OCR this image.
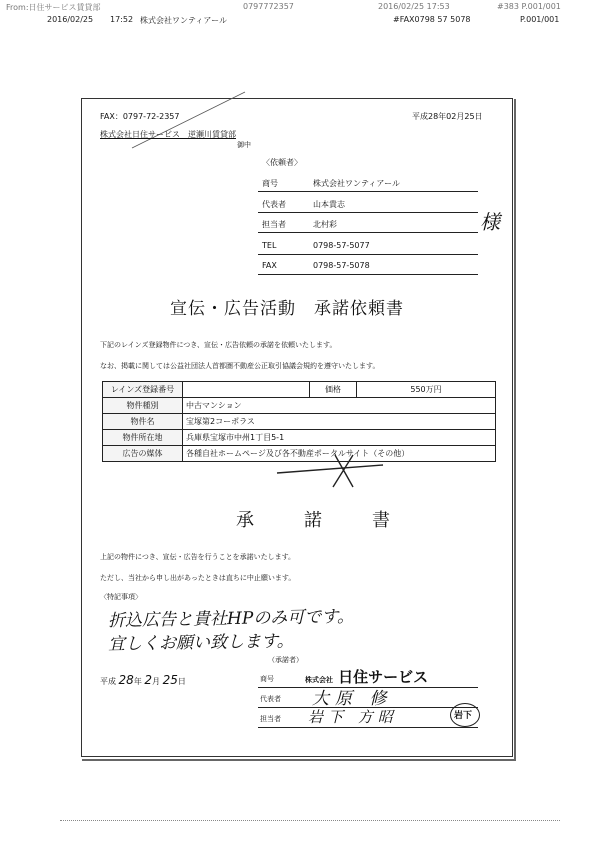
From:日住サービス賃貸部	0797772357	2016/02/25 17:53	#383 P.001/001
2016/02/25 17:52 株式会社ワンティアール	#FAX0798 57 5078	P.001/001
FAX：0797-72-2357	平成28年02月25日
株式会社日住サービス　逆瀬川賃貸部
御中
〈依頼者〉
商号	株式会社ワンティアール
代表者	山本貴志
担当者	北村彩	様
TEL	0798-57-5077
FAX	0798-57-5078
宣伝・広告活動　承諾依頼書
下記のレインズ登録物件につき、宣伝・広告依頼の承諾を依頼いたします。
なお、掲載に関しては公益社団法人首都圏不動産公正取引協議会規約を遵守いたします。
レインズ登録番号		価格	550万円
物件種別	中古マンション		
物件名	宝塚第2コーポラス		
物件所在地	兵庫県宝塚市中州1丁目5-1		
広告の媒体	各種自社ホームページ及び各不動産ポータルサイト（その他）		
承　諾　書
上記の物件につき、宣伝・広告を行うことを承諾いたします。
ただし、当社から申し出があったときは直ちに中止願います。
〈特記事項〉
折込広告と貴社HPのみ可です。
宜しくお願い致します。
（承諾者）
平成 28年 2月 25日	商号	株式会社 日住サービス
代表者 大原 修
担当者 岩下 方昭	岩下
